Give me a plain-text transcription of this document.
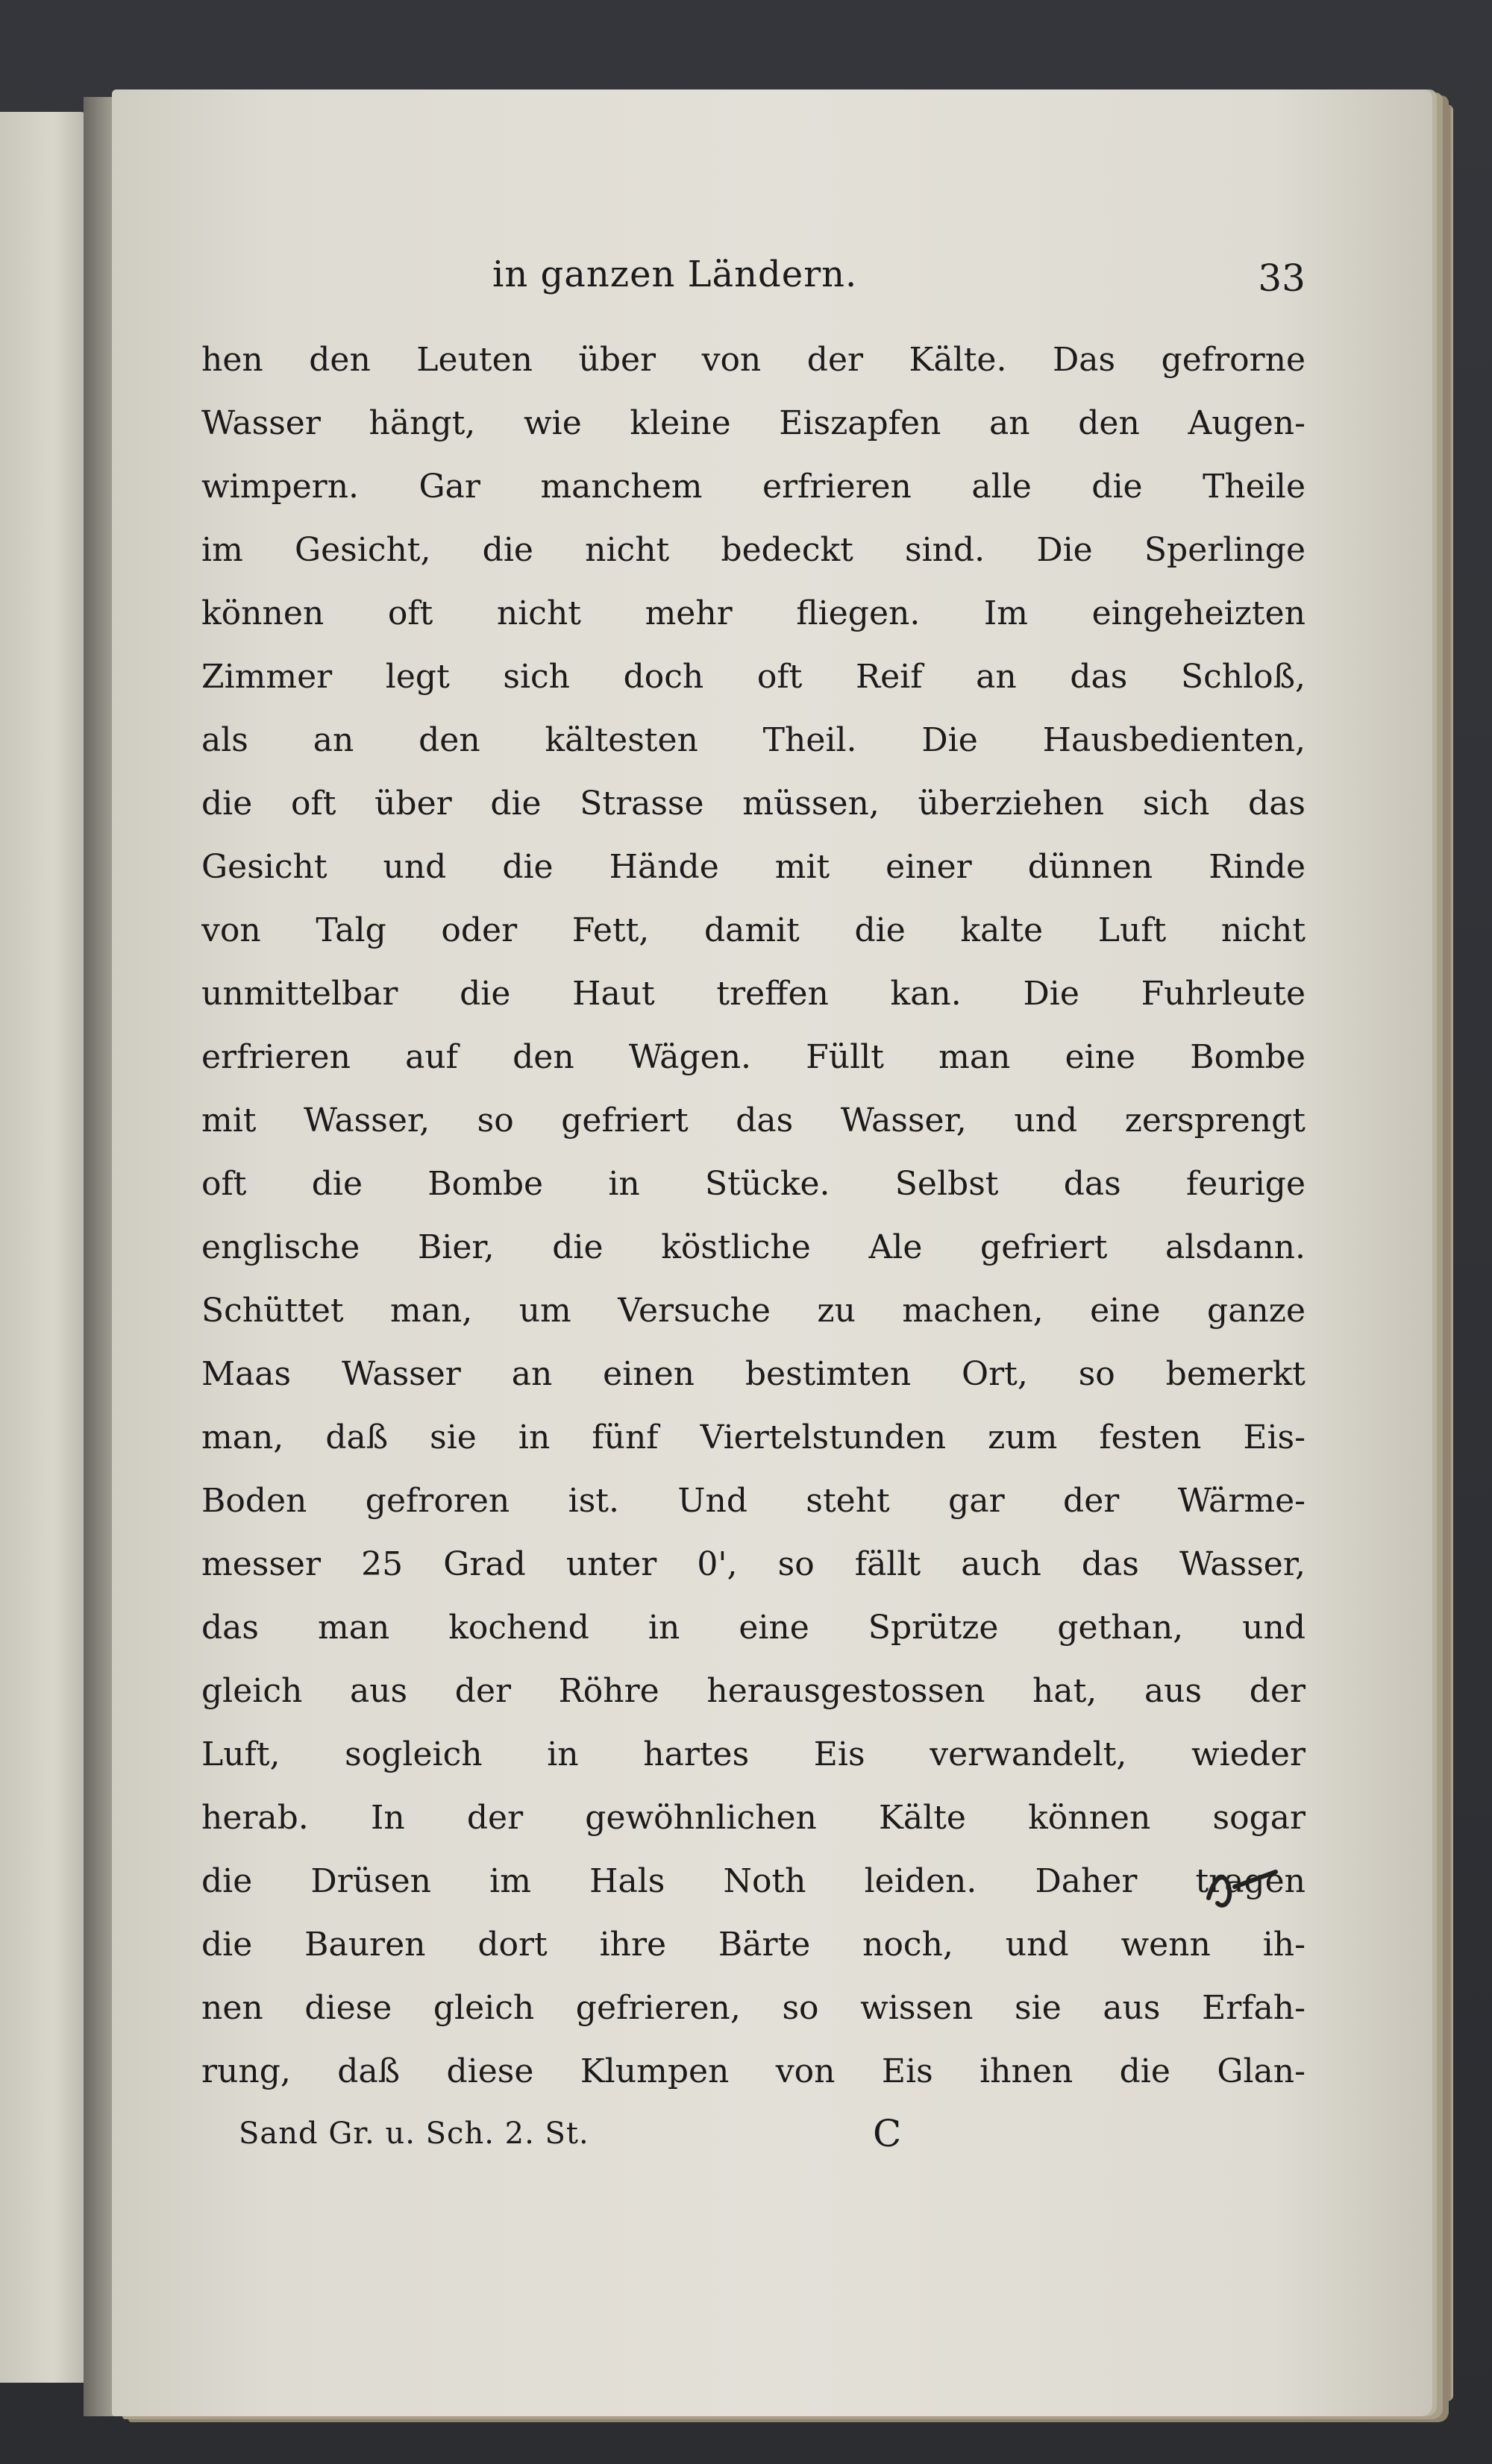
in ganzen Ländern.	33
hen den Leuten über von der Kälte. Das gefrorne
Wasser hängt, wie kleine Eiszapfen an den Augen-
wimpern. Gar manchem erfrieren alle die Theile
im Gesicht, die nicht bedeckt sind. Die Sperlinge
können oft nicht mehr fliegen. Im eingeheizten
Zimmer legt sich doch oft Reif an das Schloß,
als an den kältesten Theil. Die Hausbedienten,
die oft über die Strasse müssen, überziehen sich das
Gesicht und die Hände mit einer dünnen Rinde
von Talg oder Fett, damit die kalte Luft nicht
unmittelbar die Haut treffen kan. Die Fuhrleute
erfrieren auf den Wägen. Füllt man eine Bombe
mit Wasser, so gefriert das Wasser, und zersprengt
oft die Bombe in Stücke. Selbst das feurige
englische Bier, die köstliche Ale gefriert alsdann.
Schüttet man, um Versuche zu machen, eine ganze
Maas Wasser an einen bestimten Ort, so bemerkt
man, daß sie in fünf Viertelstunden zum festen Eis-
Boden gefroren ist. Und steht gar der Wärme-
messer 25 Grad unter 0', so fällt auch das Wasser,
das man kochend in eine Sprütze gethan, und
gleich aus der Röhre herausgestossen hat, aus der
Luft, sogleich in hartes Eis verwandelt, wieder
herab. In der gewöhnlichen Kälte können sogar
die Drüsen im Hals Noth leiden. Daher tragen
die Bauren dort ihre Bärte noch, und wenn ih-
nen diese gleich gefrieren, so wissen sie aus Erfah-
rung, daß diese Klumpen von Eis ihnen die Glan-
Sand Gr. u. Sch. 2. St.	C
